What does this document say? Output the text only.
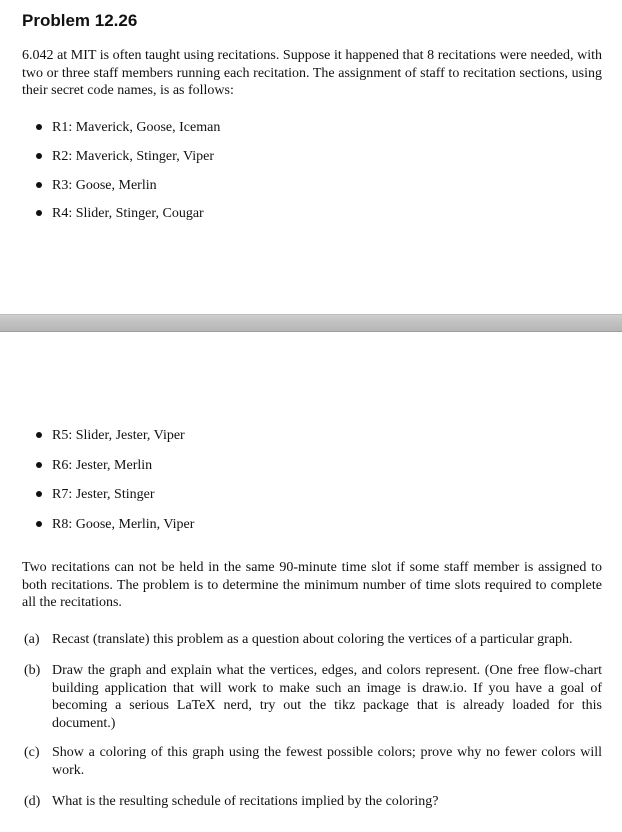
Problem 12.26

6.042 at MIT is often taught using recitations. Suppose it happened that 8 recitations were needed, with two or three staff members running each recitation. The assignment of staff to recitation sections, using their secret code names, is as follows:

R1: Maverick, Goose, Iceman
R2: Maverick, Stinger, Viper
R3: Goose, Merlin
R4: Slider, Stinger, Cougar
R5: Slider, Jester, Viper
R6: Jester, Merlin
R7: Jester, Stinger
R8: Goose, Merlin, Viper

Two recitations can not be held in the same 90-minute time slot if some staff member is assigned to both recitations. The problem is to determine the minimum number of time slots required to complete all the recitations.

(a) Recast (translate) this problem as a question about coloring the vertices of a particular graph.
(b) Draw the graph and explain what the vertices, edges, and colors represent. (One free flow-chart building application that will work to make such an image is draw.io. If you have a goal of becoming a serious LaTeX nerd, try out the tikz package that is already loaded for this document.)
(c) Show a coloring of this graph using the fewest possible colors; prove why no fewer colors will work.
(d) What is the resulting schedule of recitations implied by the coloring?
